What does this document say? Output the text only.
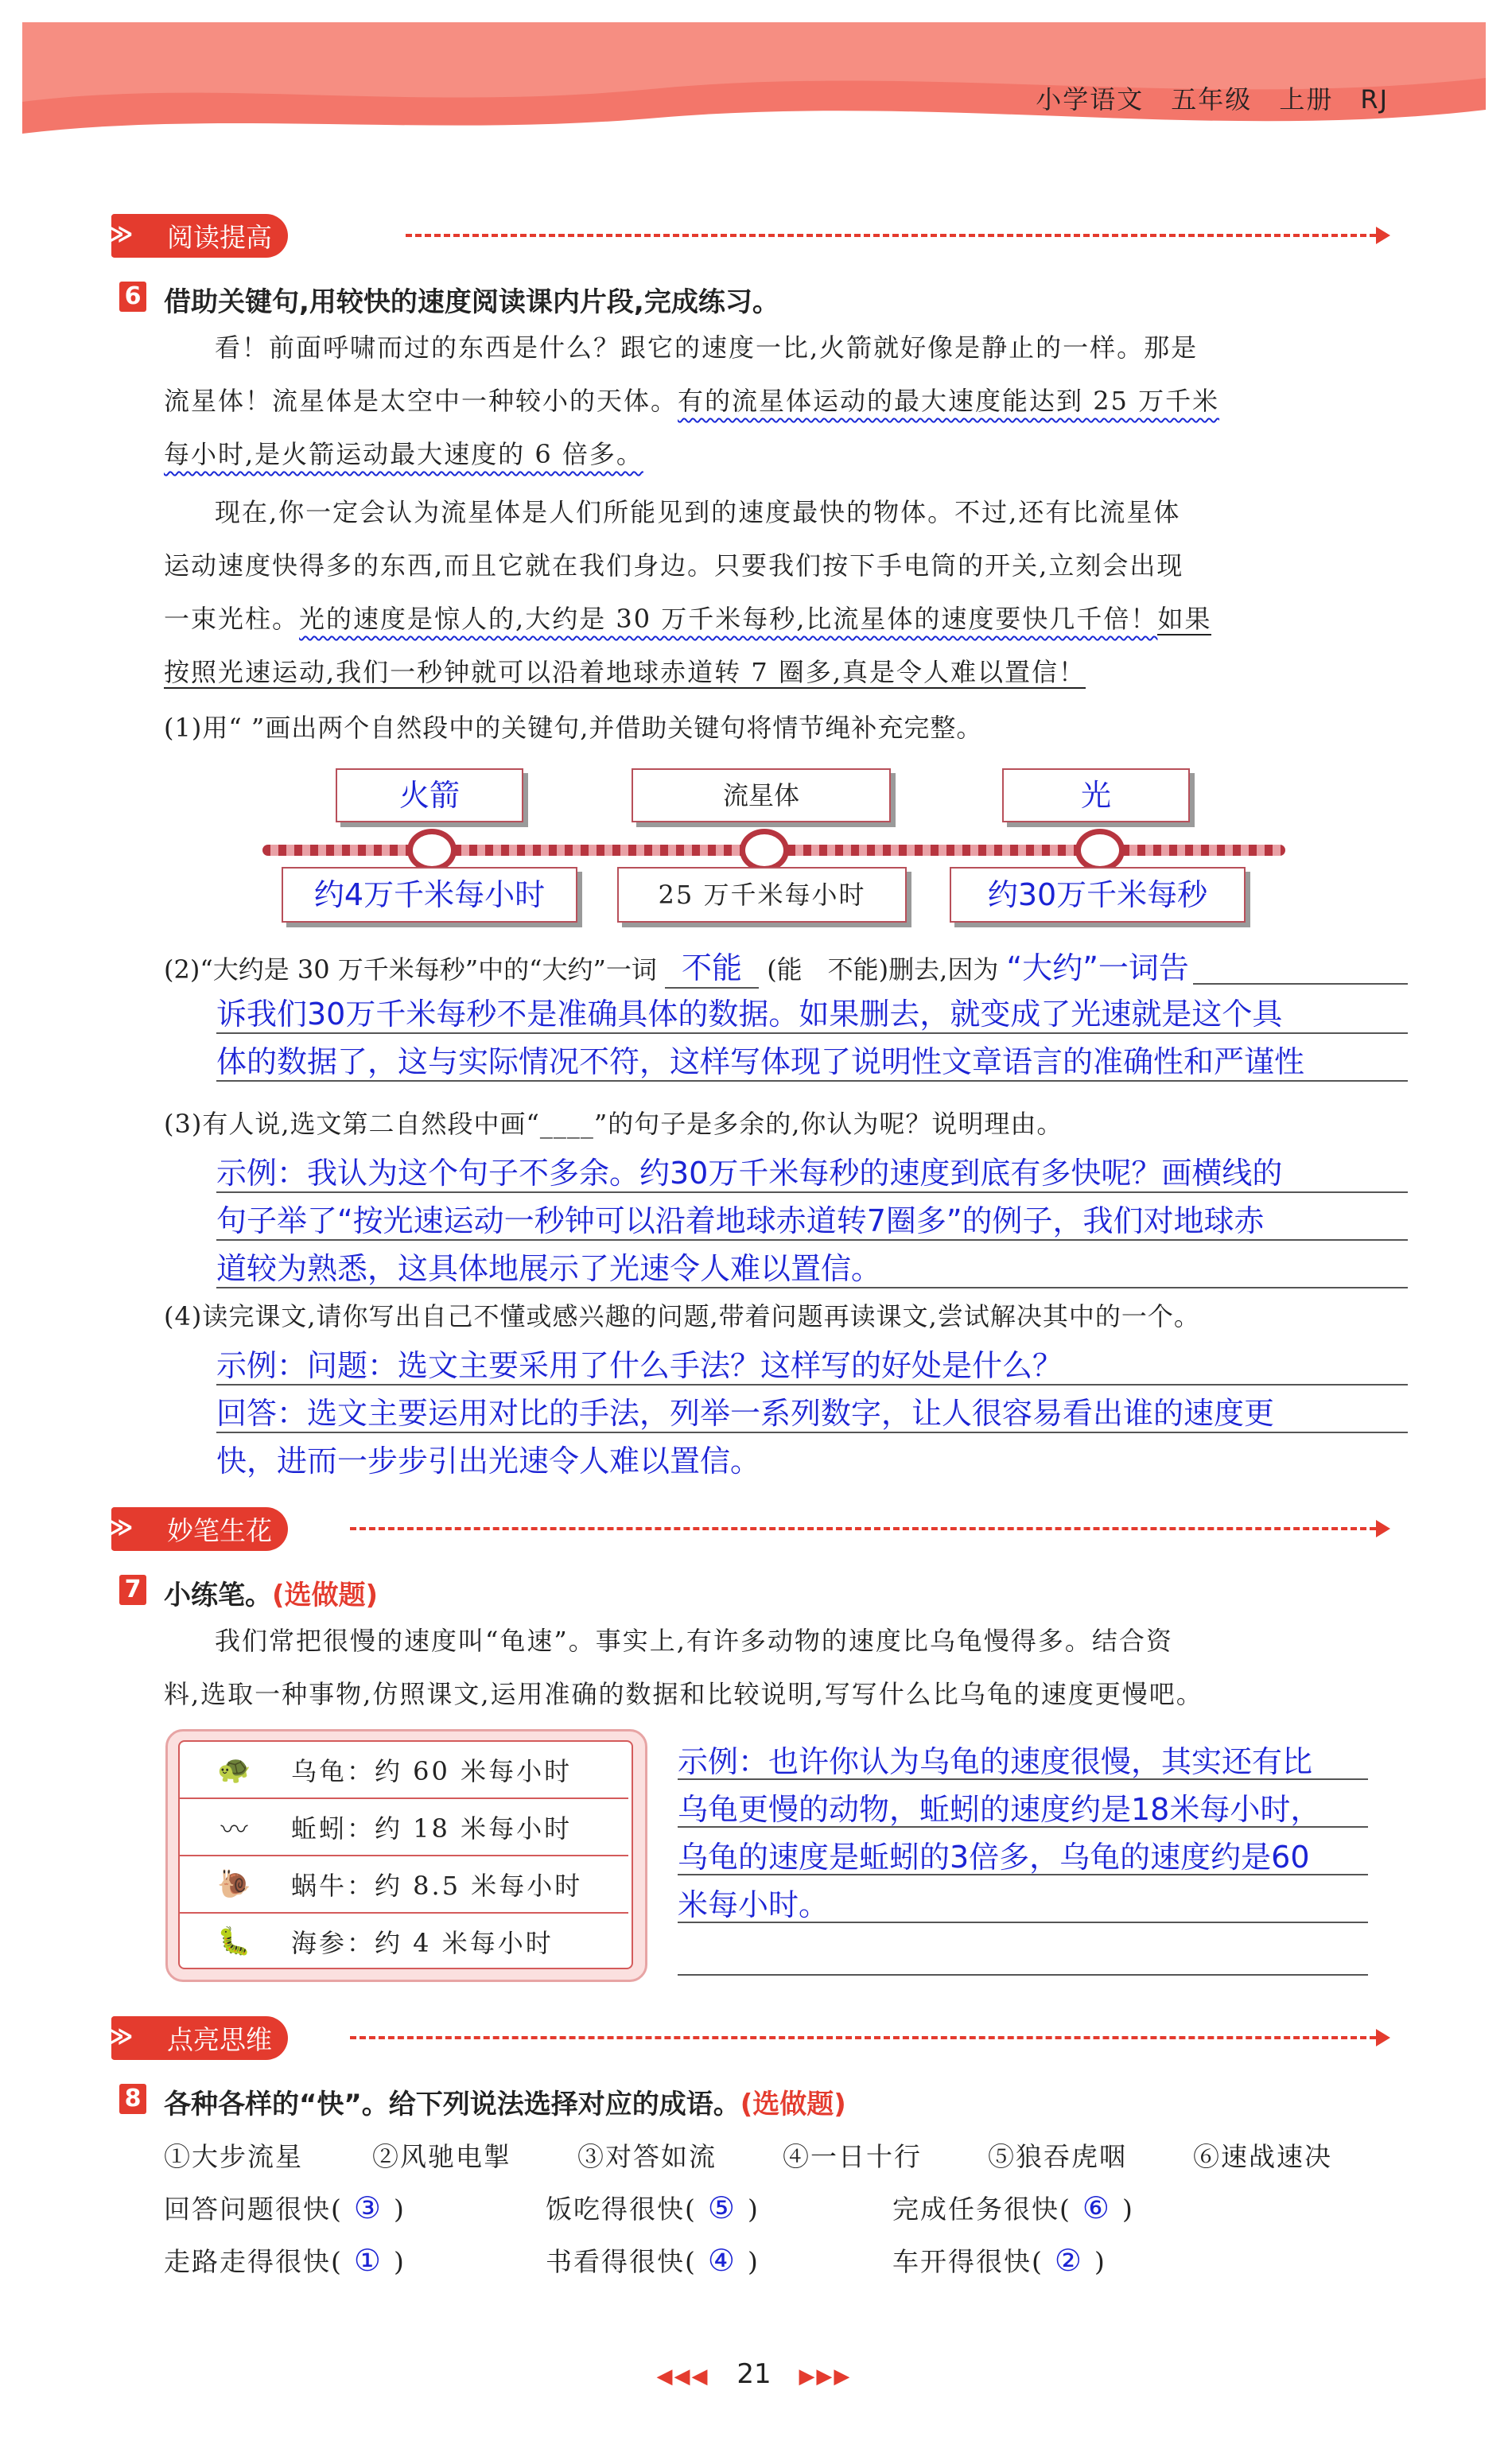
小学语文 五年级 上册 RJ
≫ 阅读提高
6 借助关键句,用较快的速度阅读课内片段,完成练习。

看！前面呼啸而过的东西是什么？跟它的速度一比,火箭就好像是静止的一样。那是

流星体！流星体是太空中一种较小的天体。有的流星体运动的最大速度能达到 25 万千米

每小时,是火箭运动最大速度的 6 倍多。

现在,你一定会认为流星体是人们所能见到的速度最快的物体。不过,还有比流星体

运动速度快得多的东西,而且它就在我们身边。只要我们按下手电筒的开关,立刻会出现

一束光柱。光的速度是惊人的,大约是 30 万千米每秒,比流星体的速度要快几千倍！如果

按照光速运动,我们一秒钟就可以沿着地球赤道转 7 圈多,真是令人难以置信！

(1)用“ ”画出两个自然段中的关键句,并借助关键句将情节绳补充完整。
火箭	流星体	光
约4万千米每小时	25 万千米每小时	约30万千米每秒
(2)“大约是 30 万千米每秒”中的“大约”一词 不能 (能　不能)删去,因为 “大约”一词告
诉我们30万千米每秒不是准确具体的数据。如果删去，就变成了光速就是这个具
体的数据了，这与实际情况不符，这样写体现了说明性文章语言的准确性和严谨性
(3)有人说,选文第二自然段中画“____”的句子是多余的,你认为呢？说明理由。
示例：我认为这个句子不多余。约30万千米每秒的速度到底有多快呢？画横线的
句子举了“按光速运动一秒钟可以沿着地球赤道转7圈多”的例子，我们对地球赤
道较为熟悉，这具体地展示了光速令人难以置信。
(4)读完课文,请你写出自己不懂或感兴趣的问题,带着问题再读课文,尝试解决其中的一个。
示例：问题：选文主要采用了什么手法？这样写的好处是什么？
回答：选文主要运用对比的手法，列举一系列数字，让人很容易看出谁的速度更
快，进而一步步引出光速令人难以置信。
≫ 妙笔生花
7 小练笔。(选做题)

我们常把很慢的速度叫“龟速”。事实上,有许多动物的速度比乌龟慢得多。结合资

料,选取一种事物,仿照课文,运用准确的数据和比较说明,写写什么比乌龟的速度更慢吧。

🐢	乌龟：约 60 米每小时
〰	蚯蚓：约 18 米每小时
🐌	蜗牛：约 8.5 米每小时
🐛	海参：约 4 米每小时
示例：也许你认为乌龟的速度很慢，其实还有比
乌龟更慢的动物，蚯蚓的速度约是18米每小时，
乌龟的速度是蚯蚓的3倍多，乌龟的速度约是60
米每小时。
≫ 点亮思维
8 各种各样的“快”。给下列说法选择对应的成语。(选做题)
①大步流星	②风驰电掣	③对答如流	④一日十行	⑤狼吞虎咽	⑥速战速决
回答问题很快( ③ )	饭吃得很快( ⑤ )	完成任务很快( ⑥ )
走路走得很快( ① )	书看得很快( ④ )	车开得很快( ② )
◀◀◀ 21 ▶▶▶
